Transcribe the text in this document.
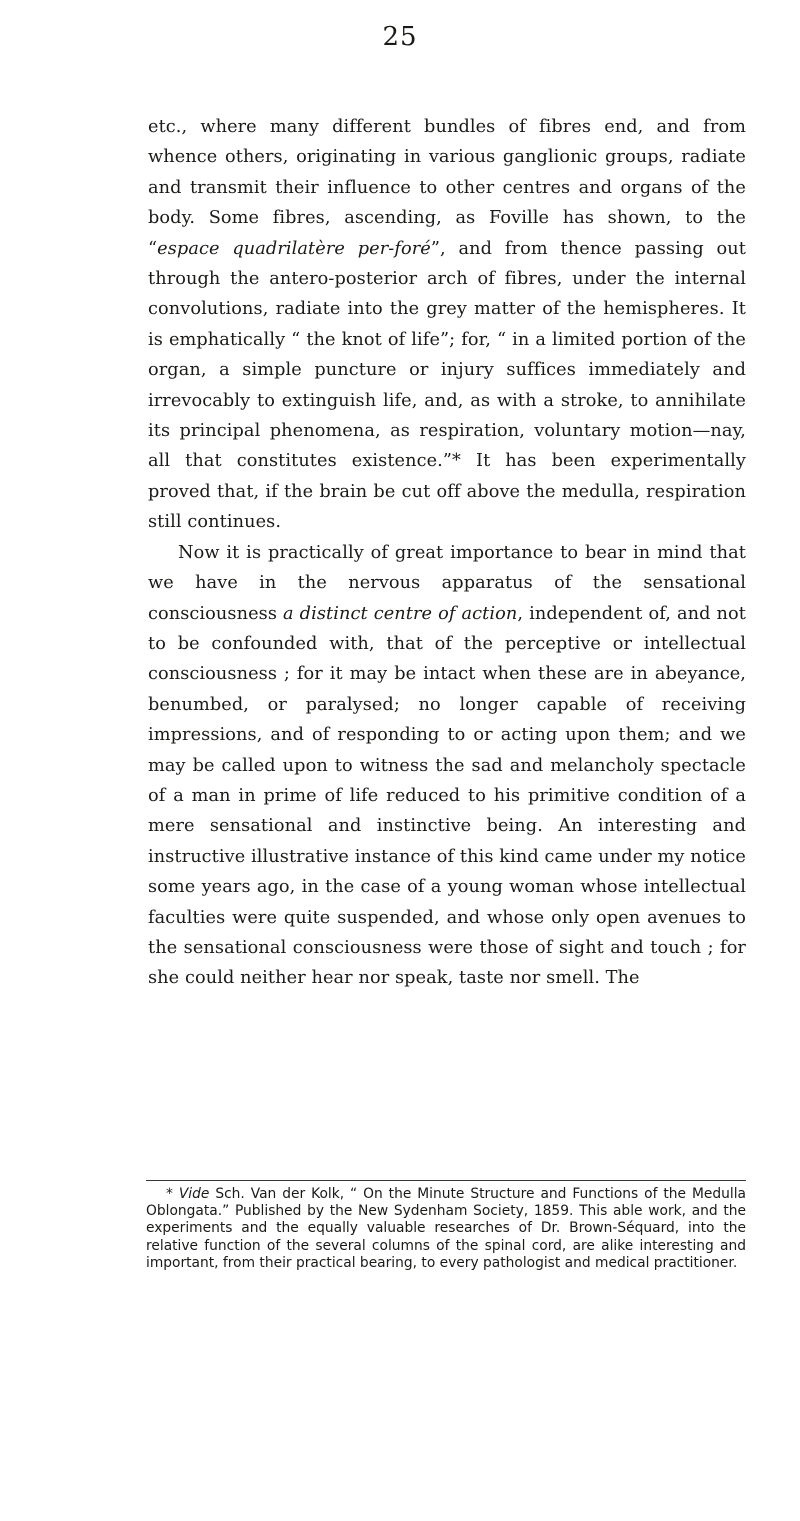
25

etc., where many different bundles of fibres end, and from whence others, originating in various ganglionic groups, radiate and transmit their influence to other centres and organs of the body. Some fibres, ascending, as Foville has shown, to the “espace quadrilatère per-foré”, and from thence passing out through the antero-posterior arch of fibres, under the internal convolutions, radiate into the grey matter of the hemispheres. It is emphatically “ the knot of life”; for, “ in a limited portion of the organ, a simple puncture or injury suffices immediately and irrevocably to extinguish life, and, as with a stroke, to annihilate its principal phenomena, as respiration, voluntary motion—nay, all that constitutes existence.”* It has been experimentally proved that, if the brain be cut off above the medulla, respiration still continues.

Now it is practically of great importance to bear in mind that we have in the nervous apparatus of the sensational consciousness a distinct centre of action, independent of, and not to be confounded with, that of the perceptive or intellectual consciousness ; for it may be intact when these are in abeyance, benumbed, or paralysed; no longer capable of receiving impressions, and of responding to or acting upon them; and we may be called upon to witness the sad and melancholy spectacle of a man in prime of life reduced to his primitive condition of a mere sensational and instinctive being. An interesting and instructive illustrative instance of this kind came under my notice some years ago, in the case of a young woman whose intellectual faculties were quite suspended, and whose only open avenues to the sensational consciousness were those of sight and touch ; for she could neither hear nor speak, taste nor smell. The

* Vide Sch. Van der Kolk, “ On the Minute Structure and Functions of the Medulla Oblongata.” Published by the New Sydenham Society, 1859. This able work, and the experiments and the equally valuable researches of Dr. Brown-Séquard, into the relative function of the several columns of the spinal cord, are alike interesting and important, from their practical bearing, to every pathologist and medical practitioner.
